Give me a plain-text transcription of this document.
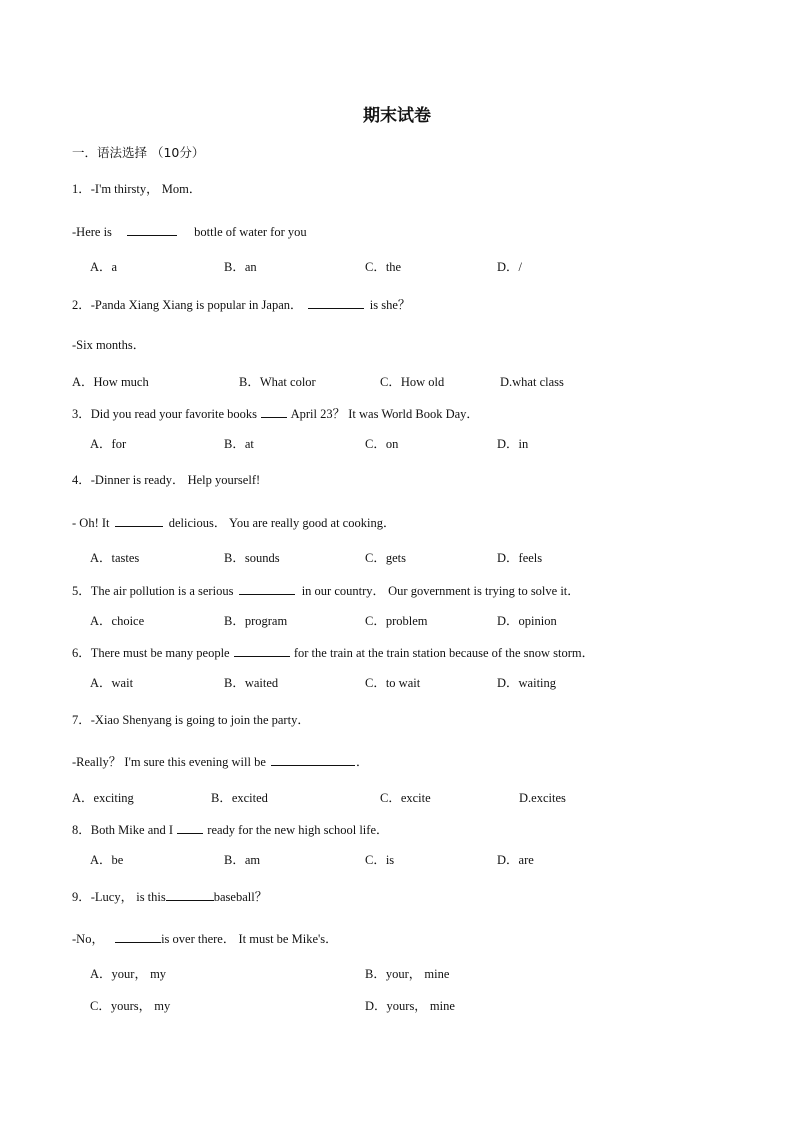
期末试卷
一．语法选择 （10分）
1．-I'm thirsty， Mom．
-Here is	bottle of water for you
A．a	B．an	C．the	D．/
2．-Panda Xiang Xiang is popular in Japan．	is she？
-Six months．
A．How much	B．What color	C．How old	D.what class
3．Did you read your favorite books  April 23？ It was World Book Day．
A．for	B．at	C．on	D．in
4．-Dinner is ready． Help yourself!
- Oh! It	delicious． You are really good at cooking．
A．tastes	B．sounds	C．gets	D．feels
5．The air pollution is a serious	in our country． Our government is trying to solve it．
A．choice	B．program	C．problem	D．opinion
6．There must be many people	for the train at the train station because of the snow storm．
A．wait	B．waited	C．to wait	D．waiting
7．-Xiao Shenyang is going to join the party．
-Really？ I'm sure this evening will be	．
A．exciting	B．excited	C．excite	D.excites
8．Both Mike and I  ready for the new high school life．
A．be	B．am	C．is	D．are
9．-Lucy， is this	baseball？
-No，	is over there． It must be Mike's．
A．your， my	B．your， mine
C．yours， my	D．yours， mine
